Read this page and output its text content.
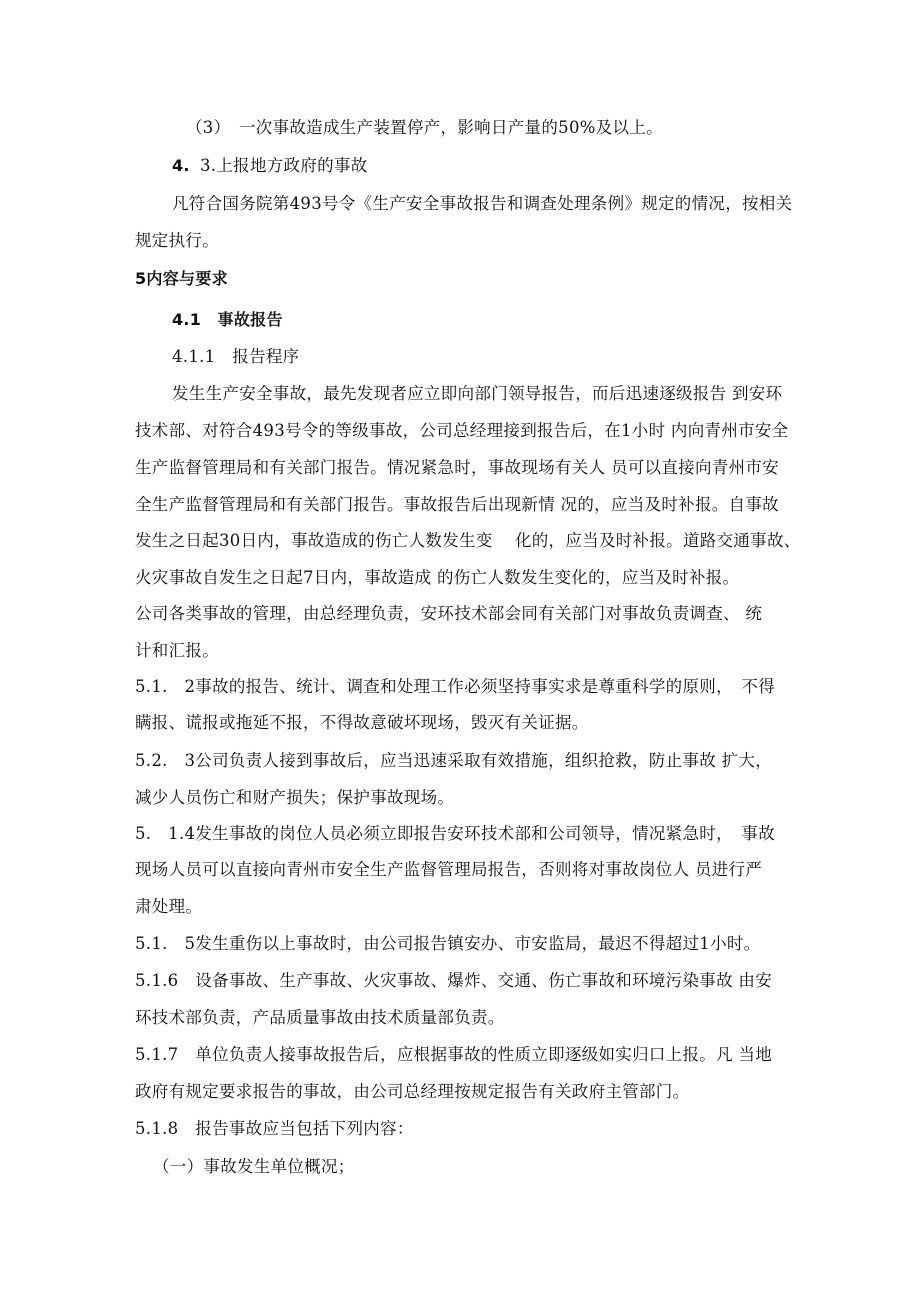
（3）　一次事故造成生产装置停产，影响日产量的50%及以上。
4. 3.上报地方政府的事故
凡符合国务院第493号令《生产安全事故报告和调查处理条例》规定的情况，按相关
规定执行。
5内容与要求
4.1　事故报告
4.1.1　报告程序
发生生产安全事故，最先发现者应立即向部门领导报告，而后迅速逐级报告 到安环
技术部、对符合493号令的等级事故，公司总经理接到报告后，在1小时 内向青州市安全
生产监督管理局和有关部门报告。情况紧急时，事故现场有关人 员可以直接向青州市安
全生产监督管理局和有关部门报告。事故报告后出现新情 况的，应当及时补报。自事故
发生之日起30日内，事故造成的伤亡人数发生变　 化的，应当及时补报。道路交通事故、
火灾事故自发生之日起7日内，事故造成 的伤亡人数发生变化的，应当及时补报。
公司各类事故的管理，由总经理负责，安环技术部会同有关部门对事故负责调查、 统
计和汇报。
5.1.　2事故的报告、统计、调查和处理工作必须坚持事实求是尊重科学的原则，　不得
瞒报、谎报或拖延不报，不得故意破坏现场，毁灭有关证据。
5.2.　3公司负责人接到事故后，应当迅速采取有效措施，组织抢救，防止事故 扩大，
减少人员伤亡和财产损失；保护事故现场。
5.　1.4发生事故的岗位人员必须立即报告安环技术部和公司领导，情况紧急时，　事故
现场人员可以直接向青州市安全生产监督管理局报告，否则将对事故岗位人 员进行严
肃处理。
5.1.　5发生重伤以上事故时，由公司报告镇安办、市安监局，最迟不得超过1小时。
5.1.6　设备事故、生产事故、火灾事故、爆炸、交通、伤亡事故和环境污染事故 由安
环技术部负责，产品质量事故由技术质量部负责。
5.1.7　单位负责人接事故报告后，应根据事故的性质立即逐级如实归口上报。凡 当地
政府有规定要求报告的事故，由公司总经理按规定报告有关政府主管部门。
5.1.8　报告事故应当包括下列内容：
（一）事故发生单位概况；
